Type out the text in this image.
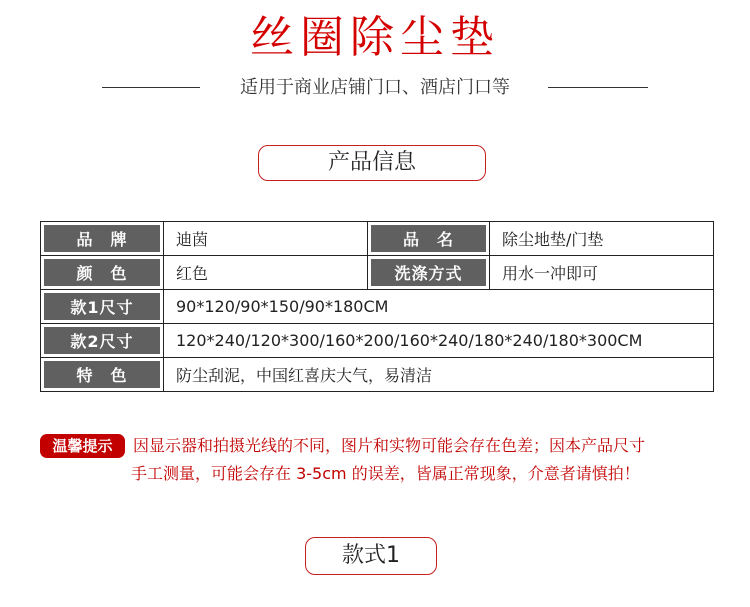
丝圈除尘垫
适用于商业店铺门口、酒店门口等
产品信息
品　牌	迪茵	品　名	除尘地垫/门垫
颜　色	红色	洗涤方式	用水一冲即可
款1尺寸	90*120/90*150/90*180CM		
款2尺寸	120*240/120*300/160*200/160*240/180*240/180*300CM		
特　色	防尘刮泥，中国红喜庆大气，易清洁		
温馨提示	因显示器和拍摄光线的不同，图片和实物可能会存在色差；因本产品尺寸
手工测量，可能会存在 3-5cm 的误差，皆属正常现象，介意者请慎拍！
款式1
